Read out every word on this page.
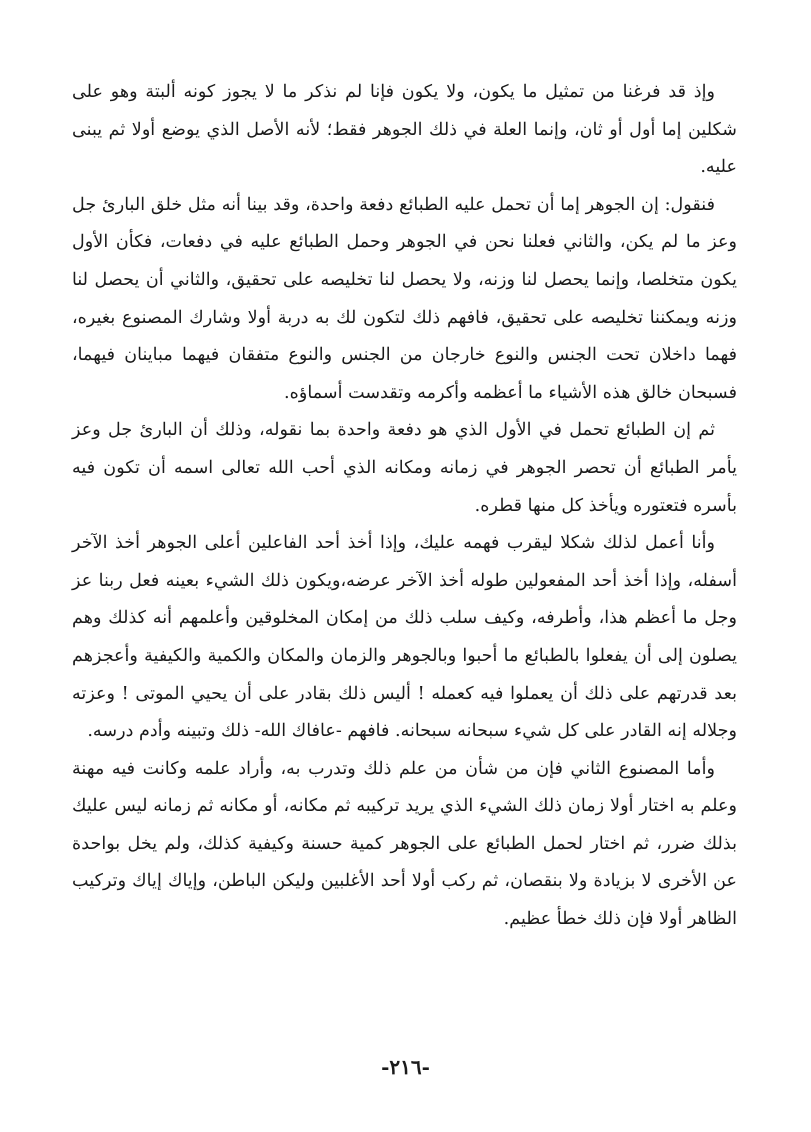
وإذ قد فرغنا من تمثيل ما يكون، ولا يكون فإنا لم نذكر ما لا يجوز كونه ألبتة وهو على شكلين إما أول أو ثان، وإنما العلة في ذلك الجوهر فقط؛ لأنه الأصل الذي يوضع أولا ثم يبنى عليه.

فنقول: إن الجوهر إما أن تحمل عليه الطبائع دفعة واحدة، وقد بينا أنه مثل خلق البارئ جل وعز ما لم يكن، والثاني فعلنا نحن في الجوهر وحمل الطبائع عليه في دفعات، فكأن الأول يكون متخلصا، وإنما يحصل لنا وزنه، ولا يحصل لنا تخليصه على تحقيق، والثاني أن يحصل لنا وزنه ويمكننا تخليصه على تحقيق، فافهم ذلك لتكون لك به دربة أولا وشارك المصنوع بغيره، فهما داخلان تحت الجنس والنوع خارجان من الجنس والنوع متفقان فيهما مباينان فيهما، فسبحان خالق هذه الأشياء ما أعظمه وأكرمه وتقدست أسماؤه.

ثم إن الطبائع تحمل في الأول الذي هو دفعة واحدة بما نقوله، وذلك أن البارئ جل وعز يأمر الطبائع أن تحصر الجوهر في زمانه ومكانه الذي أحب الله تعالى اسمه أن تكون فيه بأسره فتعتوره ويأخذ كل منها قطره.

وأنا أعمل لذلك شكلا ليقرب فهمه عليك، وإذا أخذ أحد الفاعلين أعلى الجوهر أخذ الآخر أسفله، وإذا أخذ أحد المفعولين طوله أخذ الآخر عرضه،ويكون ذلك الشيء بعينه فعل ربنا عز وجل ما أعظم هذا، وأطرفه، وكيف سلب ذلك من إمكان المخلوقين وأعلمهم أنه كذلك وهم يصلون إلى أن يفعلوا بالطبائع ما أحبوا وبالجوهر والزمان والمكان والكمية والكيفية وأعجزهم بعد قدرتهم على ذلك أن يعملوا فيه كعمله ! أليس ذلك بقادر على أن يحيي الموتى ! وعزته وجلاله إنه القادر على كل شيء سبحانه سبحانه. فافهم -عافاك الله- ذلك وتبينه وأدم درسه.

وأما المصنوع الثاني فإن من شأن من علم ذلك وتدرب به، وأراد علمه وكانت فيه مهنة وعلم به اختار أولا زمان ذلك الشيء الذي يريد تركيبه ثم مكانه، أو مكانه ثم زمانه ليس عليك بذلك ضرر، ثم اختار لحمل الطبائع على الجوهر كمية حسنة وكيفية كذلك، ولم يخل بواحدة عن الأخرى لا بزيادة ولا بنقصان، ثم ركب أولا أحد الأغلبين وليكن الباطن، وإياك إياك وتركيب الظاهر أولا فإن ذلك خطأ عظيم.

-٢١٦-
